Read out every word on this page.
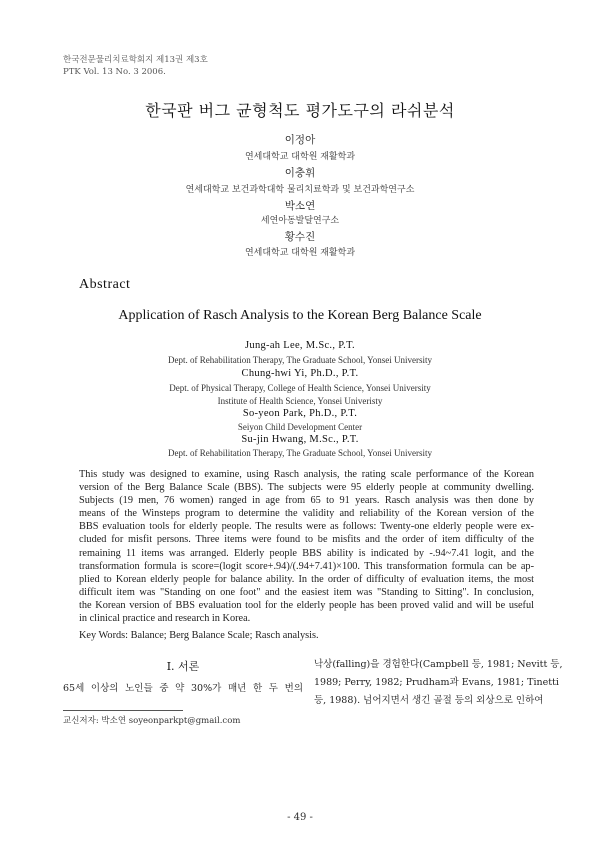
한국전문물리치료학회지 제13권 제3호
PTK Vol. 13 No. 3 2006.
한국판 버그 균형척도 평가도구의 라쉬분석
이정아
연세대학교 대학원 재활학과
이충휘
연세대학교 보건과학대학 물리치료학과 및 보건과학연구소
박소연
세연아동발달연구소
황수진
연세대학교 대학원 재활학과
Abstract
Application of Rasch Analysis to the Korean Berg Balance Scale
Jung-ah Lee, M.Sc., P.T.
Dept. of Rehabilitation Therapy, The Graduate School, Yonsei University
Chung-hwi Yi, Ph.D., P.T.
Dept. of Physical Therapy, College of Health Science, Yonsei University
Institute of Health Science, Yonsei Univeristy
So-yeon Park, Ph.D., P.T.
Seiyon Child Development Center
Su-jin Hwang, M.Sc., P.T.
Dept. of Rehabilitation Therapy, The Graduate School, Yonsei University
This study was designed to examine, using Rasch analysis, the rating scale performance of the Korean
version of the Berg Balance Scale (BBS). The subjects were 95 elderly people at community dwelling.
Subjects (19 men, 76 women) ranged in age from 65 to 91 years. Rasch analysis was then done by
means of the Winsteps program to determine the validity and reliability of the Korean version of the
BBS evaluation tools for elderly people. The results were as follows: Twenty-one elderly people were ex-
cluded for misfit persons. Three items were found to be misfits and the order of item difficulty of the
remaining 11 items was arranged. Elderly people BBS ability is indicated by -.94~7.41 logit, and the
transformation formula is score=(logit score+.94)/(.94+7.41)×100. This transformation formula can be ap-
plied to Korean elderly people for balance ability. In the order of difficulty of evaluation items, the most
difficult item was "Standing on one foot" and the easiest item was "Standing to Sitting". In conclusion,
the Korean version of BBS evaluation tool for the elderly people has been proved valid and will be useful
in clinical practice and research in Korea.
Key Words: Balance; Berg Balance Scale; Rasch analysis.
Ⅰ. 서론
65세 이상의 노인들 중 약 30%가 매년 한 두 번의
낙상(falling)을 경험한다(Campbell 등, 1981; Nevitt 등,
1989; Perry, 1982; Prudham과 Evans, 1981; Tinetti
등, 1988). 넘어지면서 생긴 골절 등의 외상으로 인하여
교신저자: 박소연 soyeonparkpt@gmail.com
- 49 -
